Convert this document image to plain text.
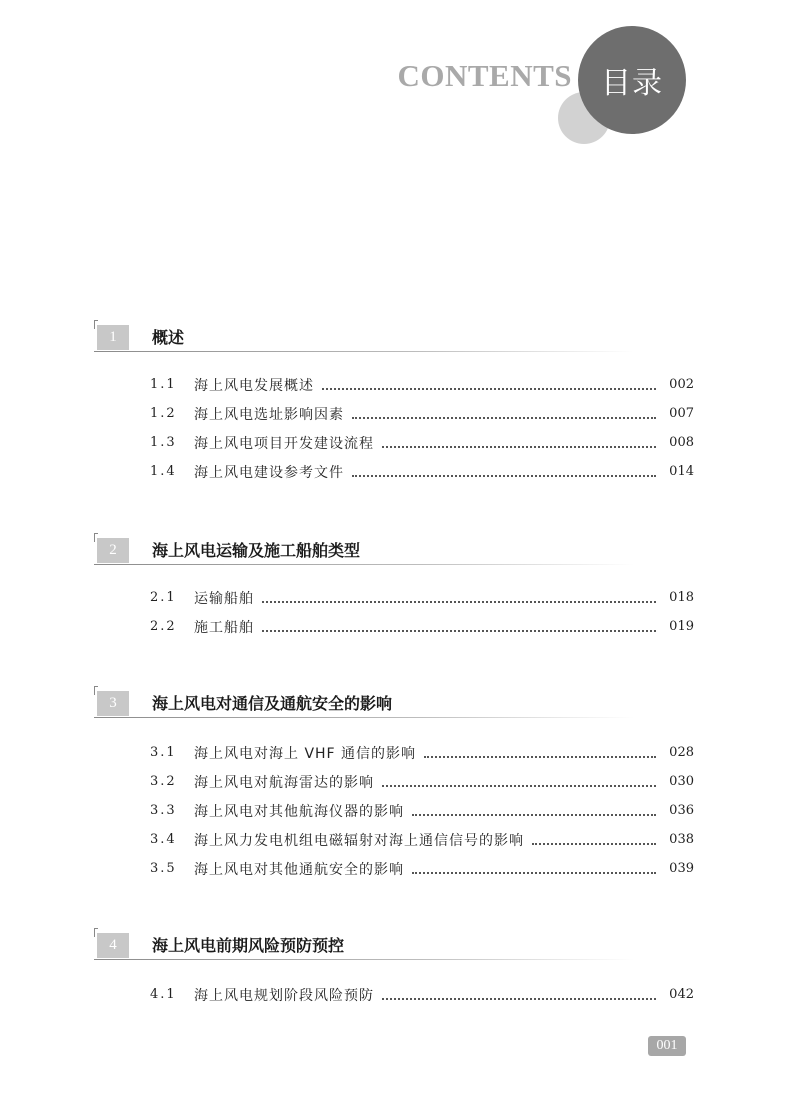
CONTENTS 目录
1	概述
1.1	海上风电发展概述	002
1.2	海上风电选址影响因素	007
1.3	海上风电项目开发建设流程	008
1.4	海上风电建设参考文件	014
2	海上风电运输及施工船舶类型
2.1	运输船舶	018
2.2	施工船舶	019
3	海上风电对通信及通航安全的影响
3.1	海上风电对海上 VHF 通信的影响	028
3.2	海上风电对航海雷达的影响	030
3.3	海上风电对其他航海仪器的影响	036
3.4	海上风力发电机组电磁辐射对海上通信信号的影响	038
3.5	海上风电对其他通航安全的影响	039
4	海上风电前期风险预防预控
4.1	海上风电规划阶段风险预防	042
001
